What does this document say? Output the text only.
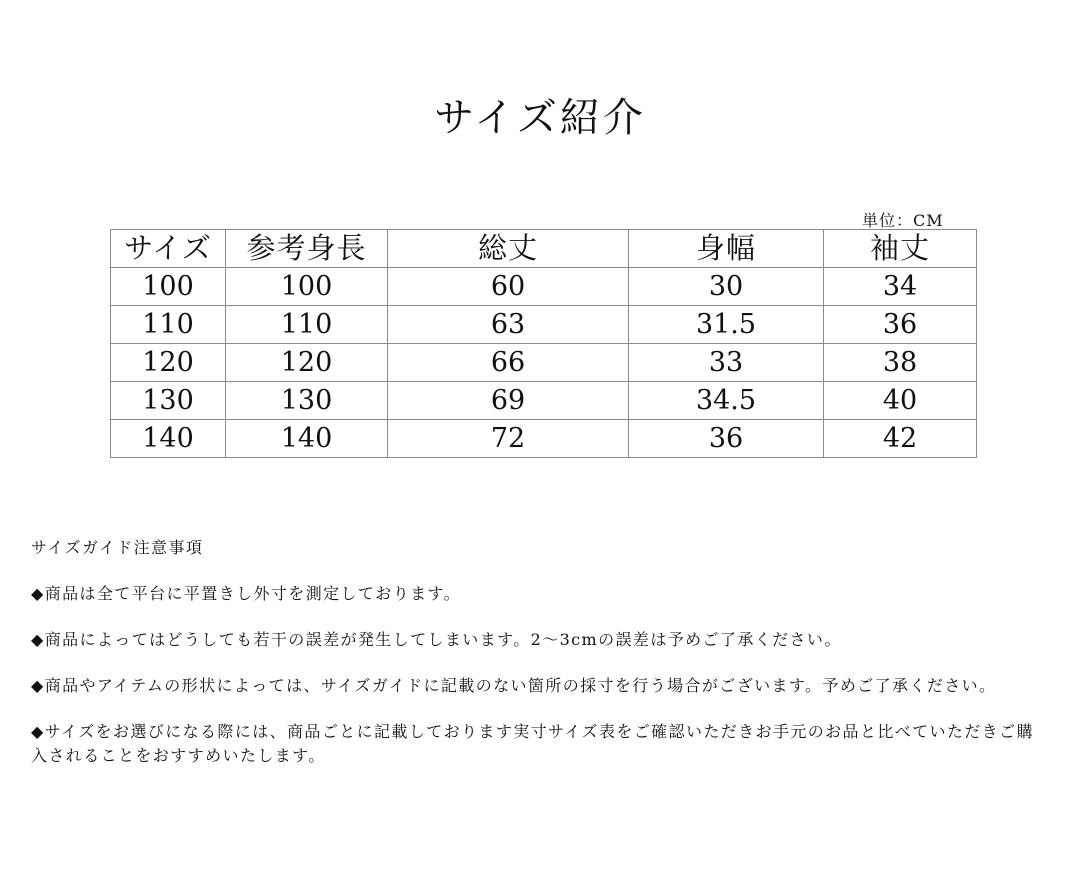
サイズ紹介
単位：CM
サイズ	参考身長	総丈	身幅	袖丈
100	100	60	30	34
110	110	63	31.5	36
120	120	66	33	38
130	130	69	34.5	40
140	140	72	36	42

サイズガイド注意事項

◆商品は全て平台に平置きし外寸を測定しております。

◆商品によってはどうしても若干の誤差が発生してしまいます。2～3cmの誤差は予めご了承ください。

◆商品やアイテムの形状によっては、サイズガイドに記載のない箇所の採寸を行う場合がございます。予めご了承ください。

◆サイズをお選びになる際には、商品ごとに記載しております実寸サイズ表をご確認いただきお手元のお品と比べていただきご購入されることをおすすめいたします。
